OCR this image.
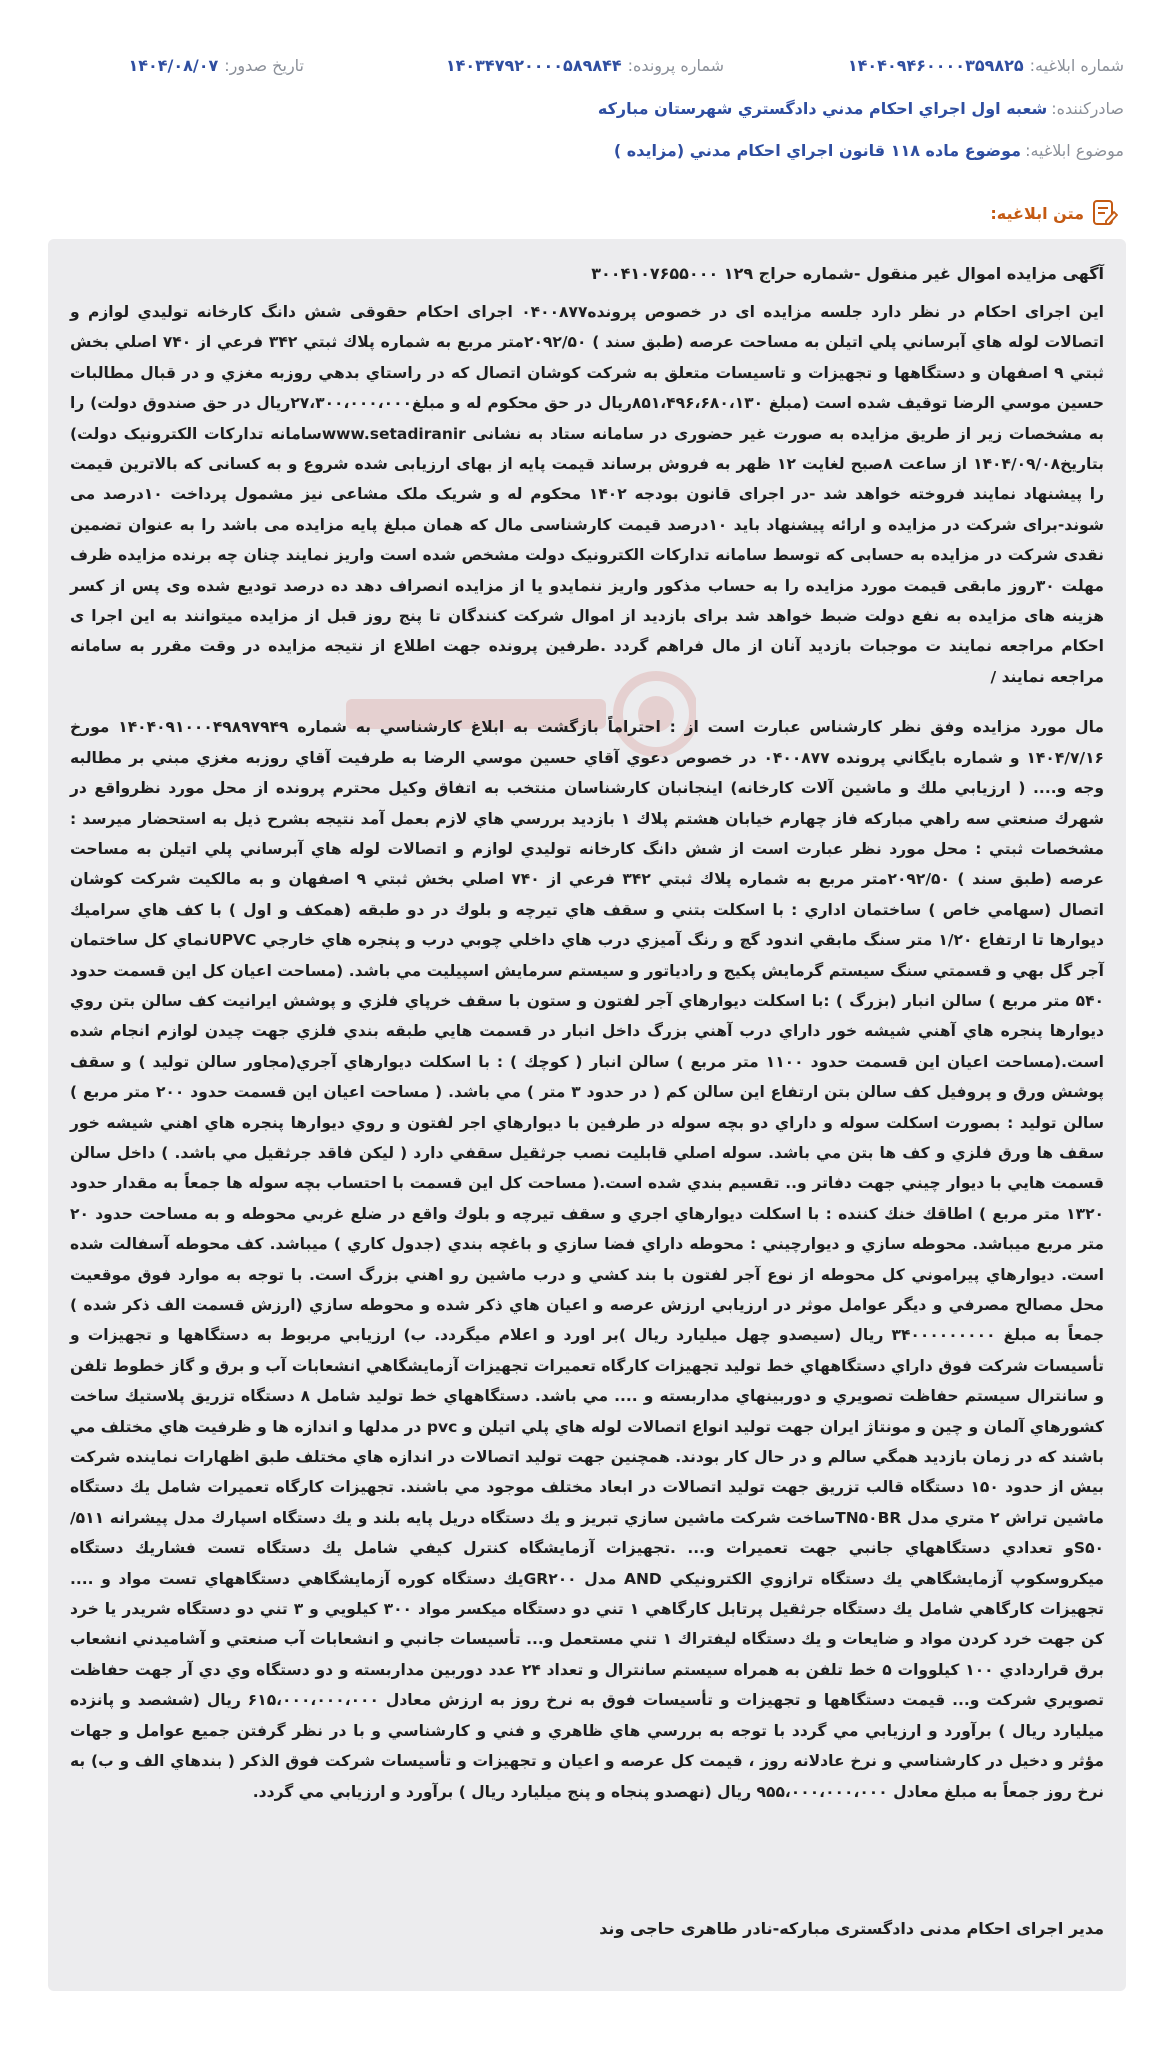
شماره ابلاغیه:
۱۴۰۴۰۹۴۶۰۰۰۰۳۵۹۸۲۵
شماره پرونده:
۱۴۰۳۴۷۹۲۰۰۰۰۵۸۹۸۴۴
تاریخ صدور:
۱۴۰۴/۰۸/۰۷
صادرکننده:
شعبه اول اجراي احكام مدني دادگستري شهرستان مباركه
موضوع ابلاغیه:
موضوع ماده ۱۱۸ قانون اجراي احكام مدني (مزايده )
متن ابلاغیه:
آگهی مزایده اموال غیر منقول -شماره حراج ۱۲۹ ۳۰۰۴۱۰۷۶۵۵۰۰۰

این اجرای احکام در نظر دارد جلسه مزایده ای در خصوص پرونده۰۴۰۰۸۷۷ اجرای احکام حقوقی شش دانگ كارخانه توليدي لوازم و اتصالات لوله هاي آبرساني پلي اتيلن به مساحت عرصه (طبق سند ) ۲۰۹۲/۵۰متر مربع به شماره پلاك ثبتي ۳۴۲ فرعي از ۷۴۰ اصلي بخش ثبتي ۹ اصفهان و دستگاهها و تجهیزات و تاسیسات متعلق به شرکت کوشان اتصال كه در راستاي بدهي روزبه مغزي و در قبال مطالبات حسين موسي الرضا توقیف شده است (مبلغ ۸۵۱،۴۹۶،۶۸۰،۱۳۰ریال در حق محکوم له و مبلغ۲۷،۳۰۰،۰۰۰،۰۰۰ریال در حق صندوق دولت) را به مشخصات زیر از طریق مزایده به صورت غیر حضوری در سامانه ستاد به نشانی www.setadiranirسامانه تدارکات الکترونیک دولت) بتاریخ۱۴۰۴/۰۹/۰۸ از ساعت ۸صبح لغایت ۱۲ ظهر به فروش برساند قیمت پایه از بهای ارزیابی شده شروع و به کسانی که بالاترین قیمت را پیشنهاد نمایند فروخته خواهد شد -در اجرای قانون بودجه ۱۴۰۲ محکوم له و شریک ملک مشاعی نیز مشمول پرداخت ۱۰درصد می شوند-برای شرکت در مزایده و ارائه پیشنهاد باید ۱۰درصد قیمت کارشناسی مال که همان مبلغ پایه مزایده می باشد را به عنوان تضمین نقدی شرکت در مزایده به حسابی که توسط سامانه تدارکات الکترونیک دولت مشخص شده است واریز نمایند چنان چه برنده مزایده ظرف مهلت ۳۰روز مابقی قیمت مورد مزایده را به حساب مذکور واریز ننمایدو یا از مزایده انصراف دهد ده درصد تودیع شده وی پس از کسر هزینه های مزایده به نفع دولت ضبط خواهد شد برای بازدید از اموال شرکت کنندگان تا پنج روز قبل از مزایده میتوانند به این اجرا ی احکام مراجعه نمایند ت موجبات بازدید آنان از مال فراهم گردد .طرفین پرونده جهت اطلاع از نتیجه مزایده در وقت مقرر به سامانه مراجعه نمایند /

مال مورد مزایده وفق نظر کارشناس عبارت است از : احتراماً بازگشت به ابلاغ كارشناسي به شماره ۱۴۰۴۰۹۱۰۰۰۴۹۸۹۷۹۴۹ مورخ ۱۴۰۴/۷/۱۶ و شماره بايگاني پرونده ۰۴۰۰۸۷۷ در خصوص دعوي آقاي حسين موسي الرضا به طرفيت آقاي روزبه مغزي مبني بر مطالبه وجه و.... ( ارزيابي ملك و ماشين آلات كارخانه) اينجانبان كارشناسان منتخب به اتفاق وكيل محترم پرونده از محل مورد نظرواقع در شهرك صنعتي سه راهي مباركه فاز چهارم خيابان هشتم پلاك ۱ بازديد بررسي هاي لازم بعمل آمد نتيجه بشرح ذيل به استحضار ميرسد : مشخصات ثبتي : محل مورد نظر عبارت است از شش دانگ كارخانه توليدي لوازم و اتصالات لوله هاي آبرساني پلي اتيلن به مساحت عرصه (طبق سند ) ۲۰۹۲/۵۰متر مربع به شماره پلاك ثبتي ۳۴۲ فرعي از ۷۴۰ اصلي بخش ثبتي ۹ اصفهان و به مالكيت شركت كوشان اتصال (سهامي خاص ) ساختمان اداري : با اسكلت بتني و سقف هاي تيرچه و بلوك در دو طبقه (همكف و اول ) با كف هاي سراميك ديوارها تا ارتفاع ۱/۲۰ متر سنگ مابقي اندود گچ و رنگ آميزي درب هاي داخلي چوبي درب و پنجره هاي خارجي UPVCنماي كل ساختمان آجر گل بهي و قسمتي سنگ سيستم گرمايش پكيج و رادياتور و سيستم سرمايش اسپيليت مي باشد. (مساحت اعيان كل اين قسمت حدود ۵۴۰ متر مربع ) سالن انبار (بزرگ ) :با اسكلت ديوارهاي آجر لفتون و ستون با سقف خرپاي فلزي و پوشش ايرانيت كف سالن بتن روي ديوارها پنجره هاي آهني شيشه خور داراي درب آهني بزرگ داخل انبار در قسمت هايي طبقه بندي فلزي جهت چيدن لوازم انجام شده است.(مساحت اعيان اين قسمت حدود ۱۱۰۰ متر مربع ) سالن انبار ( كوچك ) : با اسكلت ديوارهاي آجري(مجاور سالن توليد ) و سقف پوشش ورق و پروفيل كف سالن بتن ارتفاع اين سالن كم ( در حدود ۳ متر ) مي باشد. ( مساحت اعيان اين قسمت حدود ۲۰۰ متر مربع ) سالن توليد : بصورت اسكلت سوله و داراي دو بچه سوله در طرفين با ديوارهاي اجر لفتون و روي ديوارها پنجره هاي اهني شيشه خور سقف ها ورق فلزي و كف ها بتن مي باشد. سوله اصلي قابليت نصب جرثقيل سقفي دارد ( ليكن فاقد جرثقيل مي باشد. ) داخل سالن قسمت هايي با ديوار چيني جهت دفاتر و.. تقسيم بندي شده است.( مساحت كل اين قسمت با احتساب بچه سوله ها جمعاً به مقدار حدود ۱۳۲۰ متر مربع ) اطاقك خنك كننده : با اسكلت ديوارهاي اجري و سقف تيرچه و بلوك واقع در ضلع غربي محوطه و به مساحت حدود ۲۰ متر مربع ميباشد. محوطه سازي و ديوارچيني : محوطه داراي فضا سازي و باغچه بندي (جدول كاري ) ميباشد. كف محوطه آسفالت شده است. ديوارهاي پيراموني كل محوطه از نوع آجر لفتون با بند كشي و درب ماشين رو اهني بزرگ است. با توجه به موارد فوق موقعيت محل مصالح مصرفي و ديگر عوامل موثر در ارزيابي ارزش عرصه و اعيان هاي ذكر شده و محوطه سازي (ارزش قسمت الف ذكر شده ) جمعاً به مبلغ ۳۴۰۰۰۰۰۰۰۰۰ ريال (سيصدو چهل ميليارد ريال )بر اورد و اعلام ميگردد. ب) ارزيابي مربوط به دستگاهها و تجهيزات و تأسيسات شركت فوق داراي دستگاههاي خط توليد تجهيزات كارگاه تعميرات تجهيزات آزمايشگاهي انشعابات آب و برق و گاز خطوط تلفن و سانترال سيستم حفاظت تصويري و دوربينهاي مداربسته و .... مي باشد. دستگاههاي خط توليد شامل ۸ دستگاه تزريق پلاستيك ساخت كشورهاي آلمان و چين و مونتاژ ايران جهت توليد انواع اتصالات لوله هاي پلي اتيلن و pvc در مدلها و اندازه ها و ظرفيت هاي مختلف مي باشند كه در زمان بازديد همگي سالم و در حال كار بودند. همچنين جهت توليد اتصالات در اندازه هاي مختلف طبق اظهارات نماينده شركت بيش از حدود ۱۵۰ دستگاه قالب تزريق جهت توليد اتصالات در ابعاد مختلف موجود مي باشند. تجهيزات كارگاه تعميرات شامل يك دستگاه ماشين تراش ۲ متري مدل TN۵۰BRساخت شركت ماشين سازي تبريز و يك دستگاه دريل پايه بلند و يك دستگاه اسپارك مدل پيشرانه ۵۱۱/ S۵۰و تعدادي دستگاههاي جانبي جهت تعميرات و... .تجهيزات آزمايشگاه كنترل كيفي شامل يك دستگاه تست فشاريك دستگاه ميكروسكوپ آزمايشگاهي يك دستگاه ترازوي الكترونيكي AND مدل GR۲۰۰يك دستگاه كوره آزمايشگاهي دستگاههاي تست مواد و .... تجهيزات كارگاهي شامل يك دستگاه جرثقيل پرتابل كارگاهي ۱ تني دو دستگاه ميكسر مواد ۳۰۰ كيلويي و ۳ تني دو دستگاه شريدر يا خرد كن جهت خرد كردن مواد و ضايعات و يك دستگاه ليفتراك ۱ تني مستعمل و... تأسيسات جانبي و انشعابات آب صنعتي و آشاميدني انشعاب برق قراردادي ۱۰۰ كيلووات ۵ خط تلفن به همراه سيستم سانترال و تعداد ۲۴ عدد دوربين مداربسته و دو دستگاه وي دي آر جهت حفاظت تصويري شركت و... قيمت دستگاهها و تجهيزات و تأسيسات فوق به نرخ روز به ارزش معادل ۶۱۵،۰۰۰،۰۰۰،۰۰۰ ريال (ششصد و پانزده ميليارد ريال ) برآورد و ارزيابي مي گردد با توجه به بررسي هاي ظاهري و فني و كارشناسي و با در نظر گرفتن جميع عوامل و جهات مؤثر و دخيل در كارشناسي و نرخ عادلانه روز ، قيمت كل عرصه و اعيان و تجهيزات و تأسيسات شركت فوق الذكر ( بندهاي الف و ب) به نرخ روز جمعاً به مبلغ معادل ۹۵۵،۰۰۰،۰۰۰،۰۰۰ ريال (نهصدو پنجاه و پنج ميليارد ريال ) برآورد و ارزيابي مي گردد.

مدیر اجرای احکام مدنی دادگستری مبارکه-نادر طاهری حاجی وند
